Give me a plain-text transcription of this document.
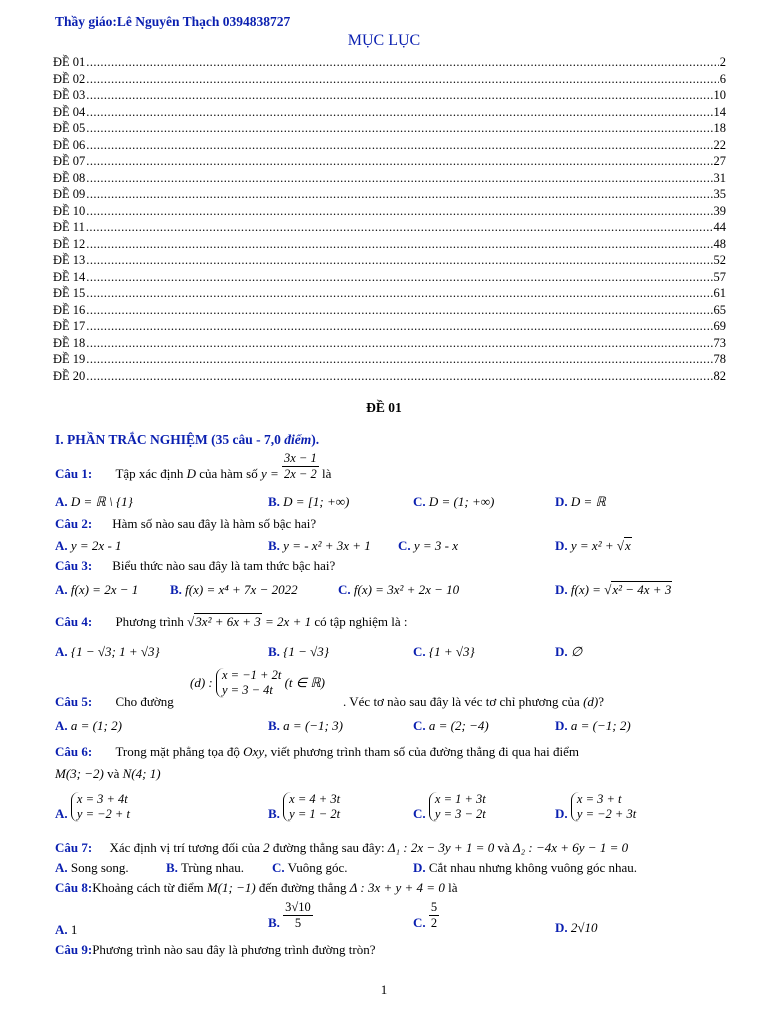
Thầy giáo:Lê Nguyên Thạch 0394838727
MỤC LỤC
ĐỀ 01 .....	2
ĐỀ 02 .....	6
ĐỀ 03 .....	10
ĐỀ 04 .....	14
ĐỀ 05 .....	18
ĐỀ 06 .....	22
ĐỀ 07 .....	27
ĐỀ 08 .....	31
ĐỀ 09 .....	35
ĐỀ 10 .....	39
ĐỀ 11 .....	44
ĐỀ 12 .....	48
ĐỀ 13 .....	52
ĐỀ 14 .....	57
ĐỀ 15 .....	61
ĐỀ 16 .....	65
ĐỀ 17 .....	69
ĐỀ 18 .....	73
ĐỀ 19 .....	78
ĐỀ 20 .....	82
ĐỀ 01
I. PHẦN TRẮC NGHIỆM (35 câu - 7,0 điểm).
Câu 1: Tập xác định D của hàm số $y = \frac{3x - 1}{2x - 2}$ là
A. D = ℝ \ {1}	B. D = [1; +∞)	C. D = (1; +∞)	D. D = ℝ
Câu 2: Hàm số nào sau đây là hàm số bậc hai?
A. y = 2x - 1	B. y = - x² + 3x + 1 C. y = 3 - x	D. y = x² + √x
Câu 3: Biểu thức nào sau đây là tam thức bậc hai?
A. f(x) = 2x − 1 B. f(x) = x⁴ + 7x − 2022	C. f(x) = 3x² + 2x − 10	D. f(x) = √x² − 4x + 3
Câu 4: Phương trình √3x² + 6x + 3 = 2x + 1 có tập nghiệm là :
A. {1 − √3; 1 + √3}	B. {1 − √3}	C. {1 + √3}	D. ∅
Câu 5: Cho đường
(d) : x = −1 + 2t
y = 3 − 4t (t ∈ ℝ)
. Véc tơ nào sau đây là véc tơ chỉ phương của (d)?
A. a = (1; 2)	B. a = (−1; 3)	C. a = (2; −4)	D. a = (−1; 2)
Câu 6: Trong mặt phẳng tọa độ Oxy, viết phương trình tham số của đường thẳng đi qua hai điểm
M(3; −2) và N(4; 1)
A. x = 3 + 4t
y = −2 + t	B. x = 4 + 3t
y = 1 − 2t	C. x = 1 + 3t
y = 3 − 2t	D. x = 3 + t
y = −2 + 3t
Câu 7: Xác định vị trí tương đối của 2 đường thẳng sau đây: Δ₁ : 2x − 3y + 1 = 0 và Δ₂ : −4x + 6y − 1 = 0
A. Song song.	B. Trùng nhau. C. Vuông góc.	D. Cắt nhau nhưng không vuông góc nhau.
Câu 8:Khoảng cách từ điểm M(1; −1) đến đường thẳng Δ : 3x + y + 4 = 0 là
A. 1	B. $\frac{3√10}{5}$	C. $\frac{5}{2}$	D. 2√10
Câu 9:Phương trình nào sau đây là phương trình đường tròn?
1
